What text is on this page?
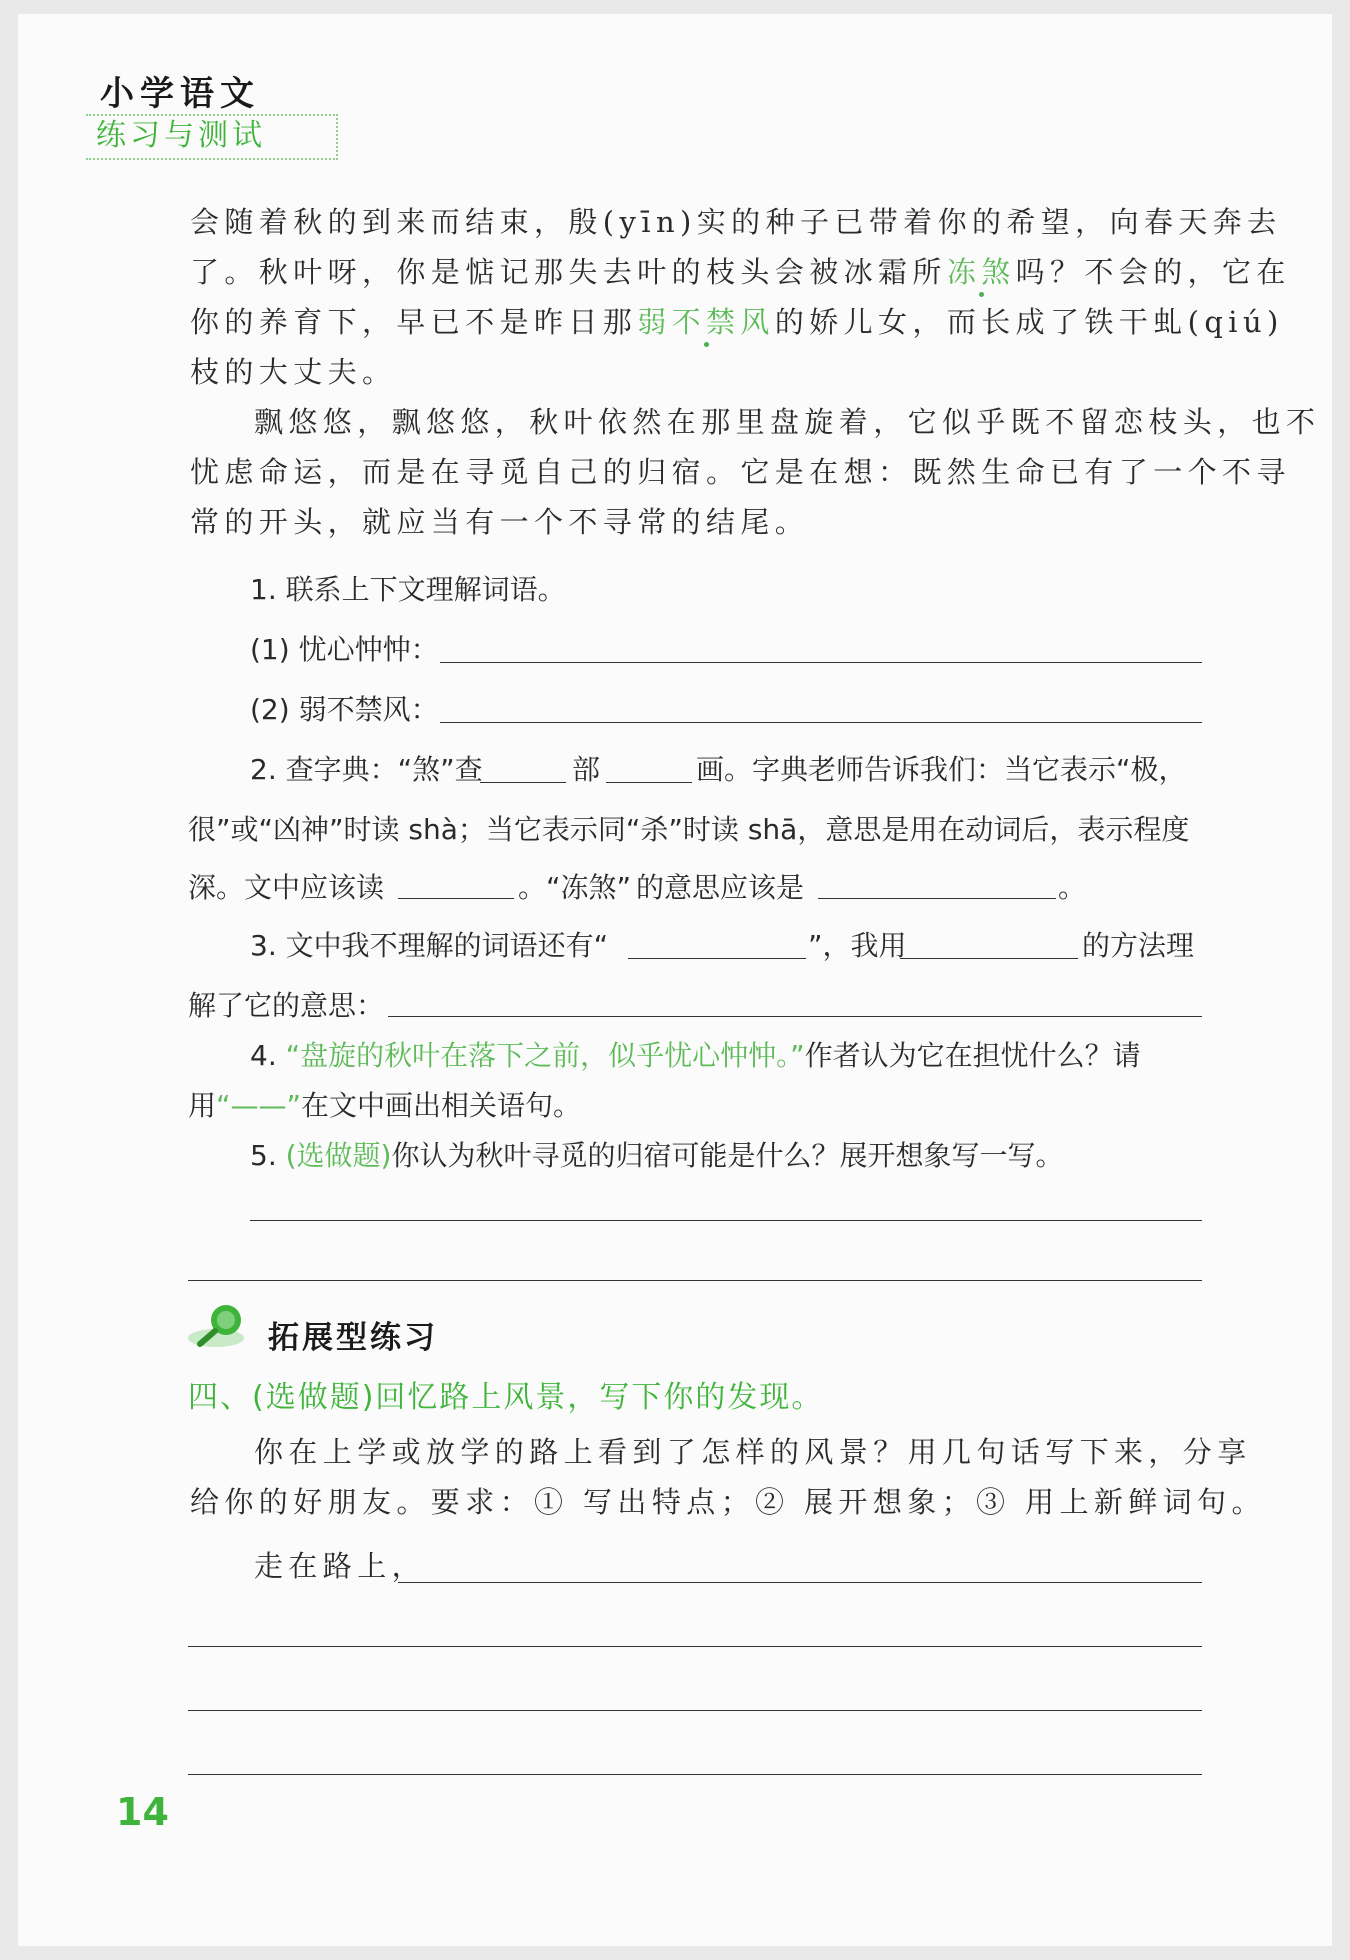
小学语文
练习与测试
会随着秋的到来而结束，殷(yīn)实的种子已带着你的希望，向春天奔去
了。秋叶呀，你是惦记那失去叶的枝头会被冰霜所冻煞吗？不会的，它在
你的养育下，早已不是昨日那弱不禁风的娇儿女，而长成了铁干虬(qiú)
枝的大丈夫。
飘悠悠，飘悠悠，秋叶依然在那里盘旋着，它似乎既不留恋枝头，也不
忧虑命运，而是在寻觅自己的归宿。它是在想：既然生命已有了一个不寻
常的开头，就应当有一个不寻常的结尾。
1. 联系上下文理解词语。
(1) 忧心忡忡：
(2) 弱不禁风：
2. 查字典：“煞”查	部	画。字典老师告诉我们：当它表示“极，
很”或“凶神”时读 shà；当它表示同“杀”时读 shā，意思是用在动词后，表示程度
深。文中应该读	。 “冻煞” 的意思应该是	。
3. 文中我不理解的词语还有“	”，我用	的方法理
解了它的意思：
4. “盘旋的秋叶在落下之前，似乎忧心忡忡。”作者认为它在担忧什么？请
用“——”在文中画出相关语句。
5. (选做题)你认为秋叶寻觅的归宿可能是什么？展开想象写一写。
拓展型练习
四、(选做题)回忆路上风景，写下你的发现。
你在上学或放学的路上看到了怎样的风景？用几句话写下来，分享
给你的好朋友。要求：① 写出特点；② 展开想象；③ 用上新鲜词句。
走在路上，
14
